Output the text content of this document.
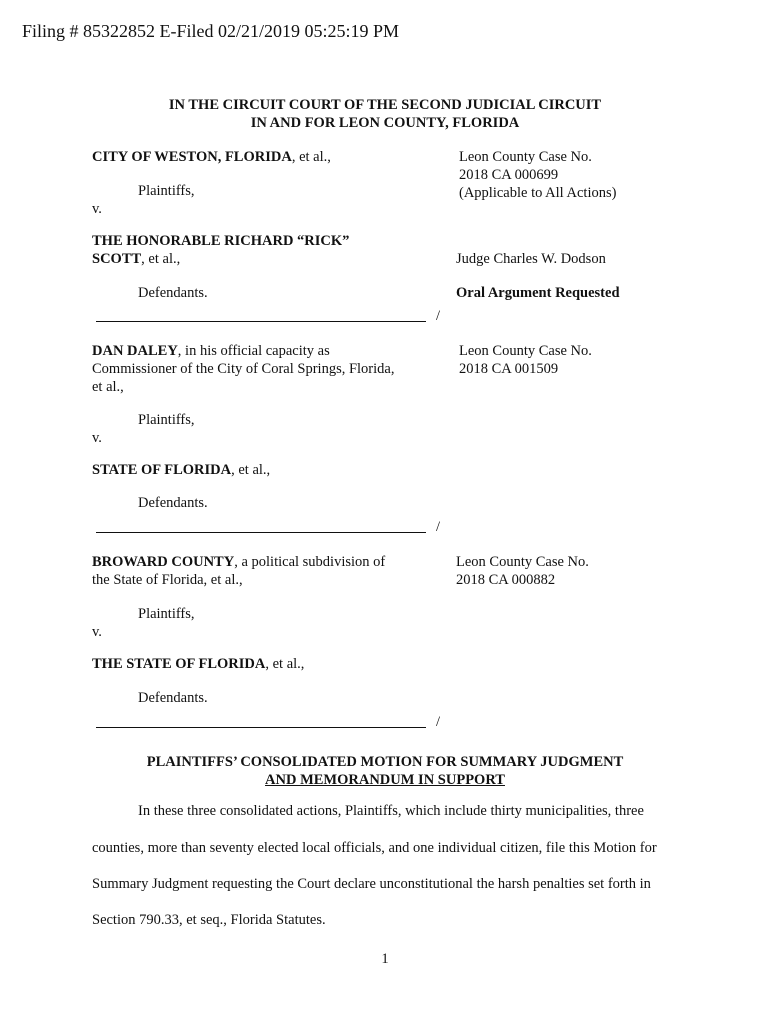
Filing # 85322852 E-Filed 02/21/2019 05:25:19 PM
IN THE CIRCUIT COURT OF THE SECOND JUDICIAL CIRCUIT
IN AND FOR LEON COUNTY, FLORIDA
CITY OF WESTON, FLORIDA, et al.,	Leon County Case No.
2018 CA 000699
(Applicable to All Actions)
Plaintiffs,
v.
THE HONORABLE RICHARD “RICK”
SCOTT, et al.,	Judge Charles W. Dodson
Defendants.	Oral Argument Requested
/
DAN DALEY, in his official capacity as
Commissioner of the City of Coral Springs, Florida,
et al.,
Leon County Case No.
2018 CA 001509
Plaintiffs,
v.
STATE OF FLORIDA, et al.,
Defendants.
/
BROWARD COUNTY, a political subdivision of
the State of Florida, et al.,
Leon County Case No.
2018 CA 000882
Plaintiffs,
v.
THE STATE OF FLORIDA, et al.,
Defendants.
/
PLAINTIFFS’ CONSOLIDATED MOTION FOR SUMMARY JUDGMENT
AND MEMORANDUM IN SUPPORT
In these three consolidated actions, Plaintiffs, which include thirty municipalities, three
counties, more than seventy elected local officials, and one individual citizen, file this Motion for
Summary Judgment requesting the Court declare unconstitutional the harsh penalties set forth in
Section 790.33, et seq., Florida Statutes.
1
